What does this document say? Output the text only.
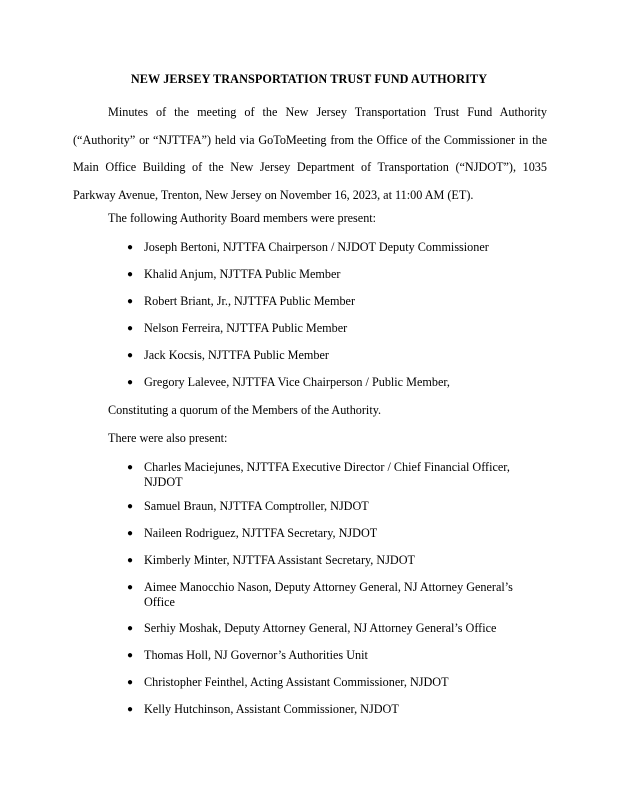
NEW JERSEY TRANSPORTATION TRUST FUND AUTHORITY
Minutes of the meeting of the New Jersey Transportation Trust Fund Authority (“Authority” or “NJTTFA”) held via GoToMeeting from the Office of the Commissioner in the Main Office Building of the New Jersey Department of Transportation (“NJDOT”), 1035 Parkway Avenue, Trenton, New Jersey on November 16, 2023, at 11:00 AM (ET).
The following Authority Board members were present:
● Joseph Bertoni, NJTTFA Chairperson / NJDOT Deputy Commissioner
● Khalid Anjum, NJTTFA Public Member
● Robert Briant, Jr., NJTTFA Public Member
● Nelson Ferreira, NJTTFA Public Member
● Jack Kocsis, NJTTFA Public Member
● Gregory Lalevee, NJTTFA Vice Chairperson / Public Member,
Constituting a quorum of the Members of the Authority.
There were also present:
● Charles Maciejunes, NJTTFA Executive Director / Chief Financial Officer, NJDOT
● Samuel Braun, NJTTFA Comptroller, NJDOT
● Naileen Rodriguez, NJTTFA Secretary, NJDOT
● Kimberly Minter, NJTTFA Assistant Secretary, NJDOT
● Aimee Manocchio Nason, Deputy Attorney General, NJ Attorney General’s Office
● Serhiy Moshak, Deputy Attorney General, NJ Attorney General’s Office
● Thomas Holl, NJ Governor’s Authorities Unit
● Christopher Feinthel, Acting Assistant Commissioner, NJDOT
● Kelly Hutchinson, Assistant Commissioner, NJDOT
